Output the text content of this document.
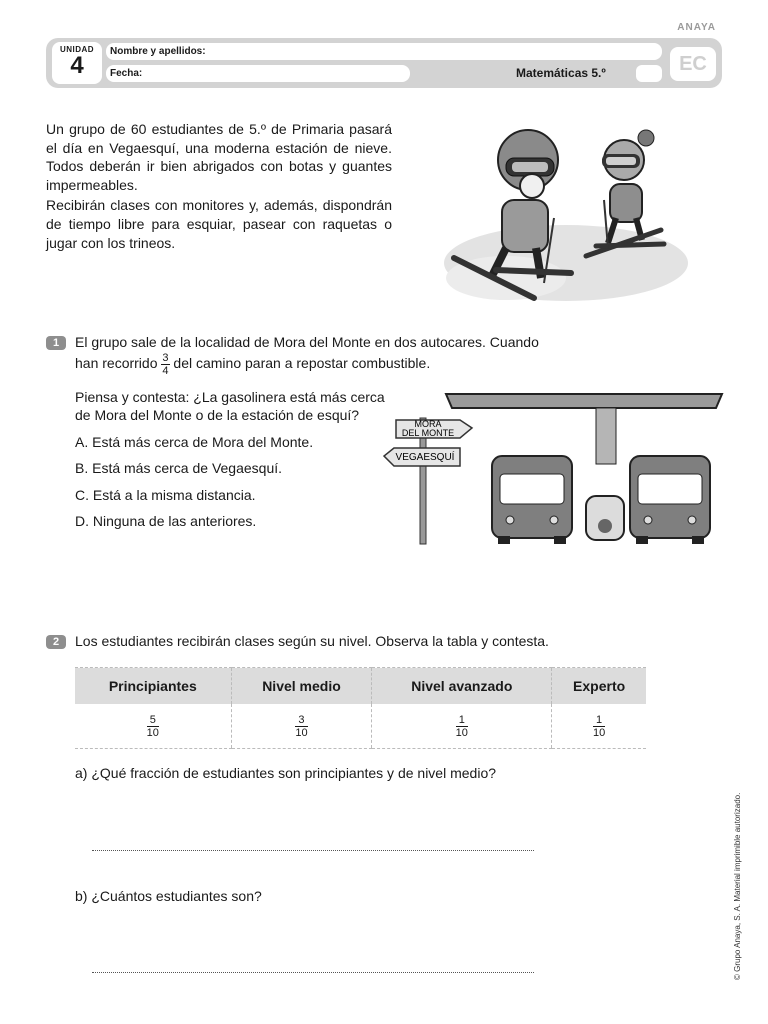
ANAYA
UNIDAD
4
Nombre y apellidos:
Fecha:	Matemáticas 5.º	EC

Un grupo de 60 estudiantes de 5.º de Primaria pasará el día en Vegaesquí, una moderna estación de nieve. Todos deberán ir bien abrigados con botas y guantes impermeables.

Recibirán clases con monitores y, además, dispondrán de tiempo libre para esquiar, pasear con raquetas o jugar con los trineos.

1	El grupo sale de la localidad de Mora del Monte en dos autocares. Cuando
han recorrido $\frac{3}{4}$ del camino paran a repostar combustible.
Piensa y contesta: ¿La gasolinera está más cerca de Mora del Monte o de la estación de esquí?
A. Está más cerca de Mora del Monte.
B. Está más cerca de Vegaesquí.
C. Está a la misma distancia.
D. Ninguna de las anteriores.
MORA
DEL MONTE
VEGAESQUÍ
2	Los estudiantes recibirán clases según su nivel. Observa la tabla y contesta.
Principiantes	Nivel medio	Nivel avanzado	Experto

$\frac{5}{10}$	$\frac{3}{10}$	$\frac{1}{10}$	$\frac{1}{10}$
a) ¿Qué fracción de estudiantes son principiantes y de nivel medio?
b) ¿Cuántos estudiantes son?	© Grupo Anaya, S. A. Material imprimible autorizado.
